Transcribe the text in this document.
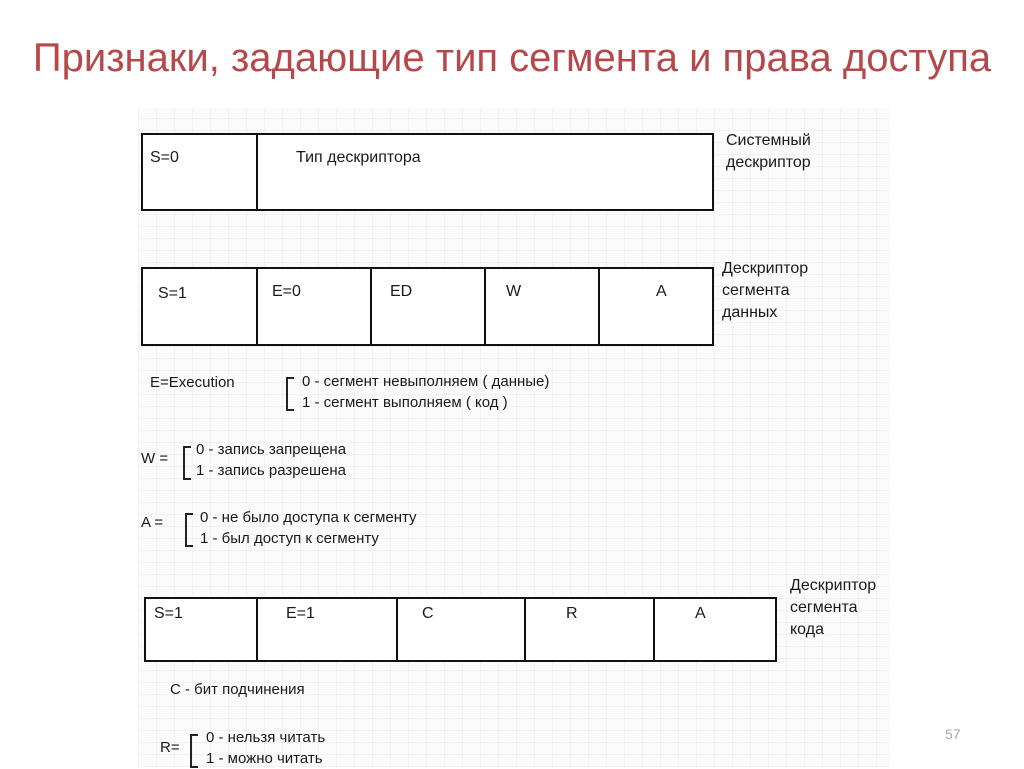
Признаки, задающие тип сегмента и права доступа
S=0	Тип дескриптора
Системный
дескриптор
S=1	E=0	ED	W	A
Дескриптор
сегмента
данных
E=Execution	0 - сегмент невыполняем ( данные)
1 - сегмент выполняем ( код )
W =
0 - запись запрещена
1 - запись разрешена
A = 0 - не было доступа к сегменту
1 - был доступ к сегменту
S=1	E=1	C	R	A
Дескриптор
сегмента
кода
C - бит подчинения
R=
0 - нельзя читать
1 - можно читать
57
